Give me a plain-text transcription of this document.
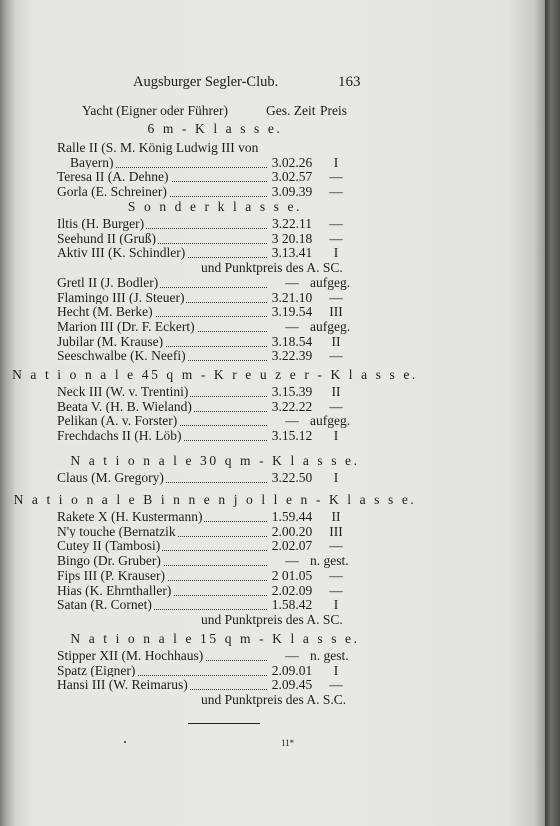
Augsburger Segler-Club.	163
Yacht (Eigner oder Führer)	Ges. Zeit Preis
6 m - K l a s s e.
Ralle II (S. M. König Ludwig III von
Bayern)	3.02.26	I
Teresa II (A. Dehne)	3.02.57	—
Gorla (E. Schreiner)	3.09.39	—
S o n d e r k l a s s e.
Iltis (H. Burger)	3.22.11	—
Seehund II (Gruß)	3 20.18	—
Aktiv III (K. Schindler)	3.13.41	I
und Punktpreis des A. SC.
Gretl II (J. Bodler)	— aufgeg.
Flamingo III (J. Steuer)	3.21.10	—
Hecht (M. Berke)	3.19.54	III
Marion III (Dr. F. Eckert)	— aufgeg.
Jubilar (M. Krause)	3.18.54	II
Seeschwalbe (K. Neefi)	3.22.39	—
N a t i o n a l e 45 q m - K r e u z e r - K l a s s e.
Neck III (W. v. Trentini)	3.15.39	II
Beata V. (H. B. Wieland)	3.22.22	—
Pelikan (A. v. Forster)	— aufgeg.
Frechdachs II (H. Löb)	3.15.12	I
N a t i o n a l e 30 q m - K l a s s e.
Claus (M. Gregory)	3.22.50	I
N a t i o n a l e B i n n e n j o l l e n - K l a s s e.
Rakete X (H. Kustermann)	1.59.44	II
N'y touche (Bernatzik	2.00.20	III
Cutey II (Tambosi)	2.02.07	—
Bingo (Dr. Gruber)	— n. gest.
Fips III (P. Krauser)	2 01.05	—
Hias (K. Ehrnthaller)	2.02.09	—
Satan (R. Cornet)	1.58.42	I
und Punktpreis des A. SC.
N a t i o n a l e 15 q m - K l a s s e.
Stipper XII (M. Hochhaus)	— n. gest.
Spatz (Eigner)	2.09.01	I
Hansi III (W. Reimarus)	2.09.45	—
und Punktpreis des A. S.C.
11*
